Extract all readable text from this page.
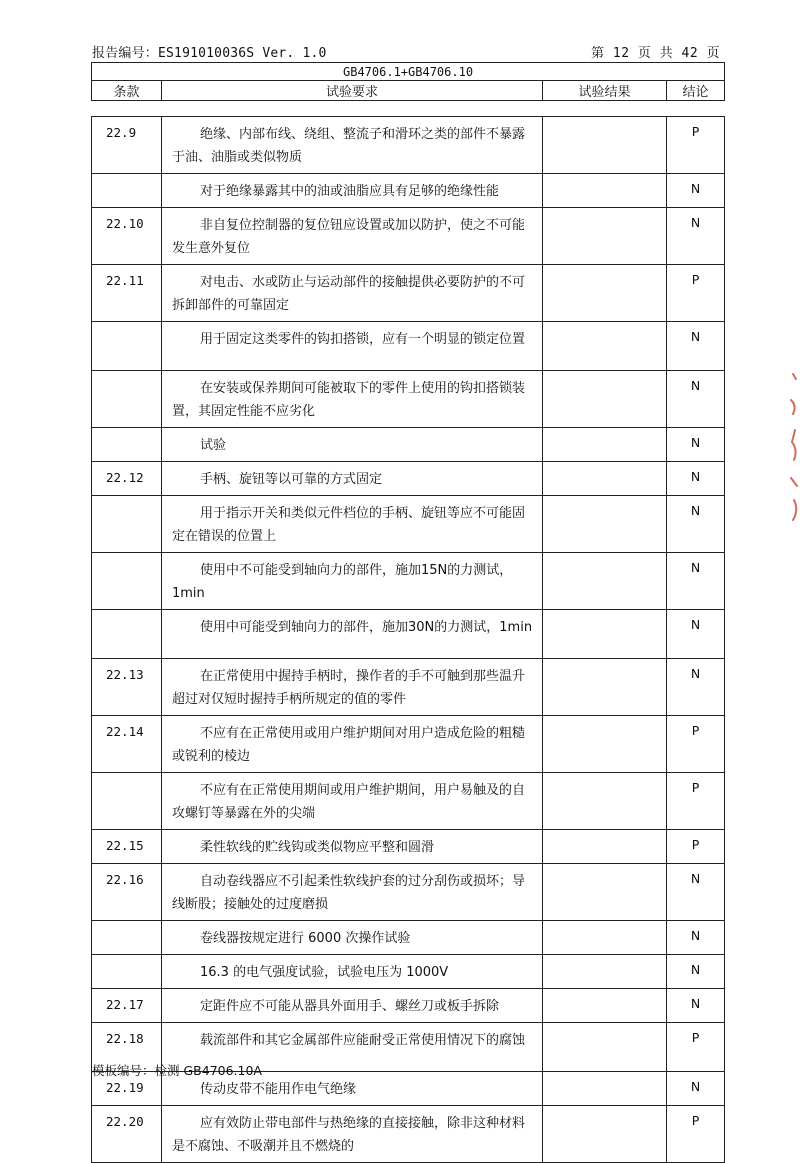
报告编号：ES191010036S Ver. 1.0	第 12 页 共 42 页
GB4706.1+GB4706.10
条款	试验要求	试验结果	结论
22.9	绝缘、内部布线、绕组、整流子和滑环之类的部件不暴露于油、油脂或类似物质		P
	对于绝缘暴露其中的油或油脂应具有足够的绝缘性能		N
22.10	非自复位控制器的复位钮应设置或加以防护，使之不可能发生意外复位		N
22.11	对电击、水或防止与运动部件的接触提供必要防护的不可拆卸部件的可靠固定		P
	用于固定这类零件的钩扣搭锁，应有一个明显的锁定位置		N
	在安装或保养期间可能被取下的零件上使用的钩扣搭锁装置，其固定性能不应劣化		N
	试验		N
22.12	手柄、旋钮等以可靠的方式固定		N
	用于指示开关和类似元件档位的手柄、旋钮等应不可能固定在错误的位置上		N
	使用中不可能受到轴向力的部件，施加15N的力测试，1min		N
	使用中可能受到轴向力的部件，施加30N的力测试，1min		N
22.13	在正常使用中握持手柄时，操作者的手不可触到那些温升超过对仅短时握持手柄所规定的值的零件		N
22.14	不应有在正常使用或用户维护期间对用户造成危险的粗糙或锐利的棱边		P
	不应有在正常使用期间或用户维护期间，用户易触及的自攻螺钉等暴露在外的尖端		P
22.15	柔性软线的贮线钩或类似物应平整和圆滑		P
22.16	自动卷线器应不引起柔性软线护套的过分刮伤或损坏；导线断股；接触处的过度磨损		N
	卷线器按规定进行 6000 次操作试验		N
	16.3 的电气强度试验，试验电压为 1000V		N
22.17	定距件应不可能从器具外面用手、螺丝刀或板手拆除		N
22.18	载流部件和其它金属部件应能耐受正常使用情况下的腐蚀		P
22.19	传动皮带不能用作电气绝缘		N
22.20	应有效防止带电部件与热绝缘的直接接触，除非这种材料是不腐蚀、不吸潮并且不燃烧的		P
模板编号：检测 GB4706.10A
